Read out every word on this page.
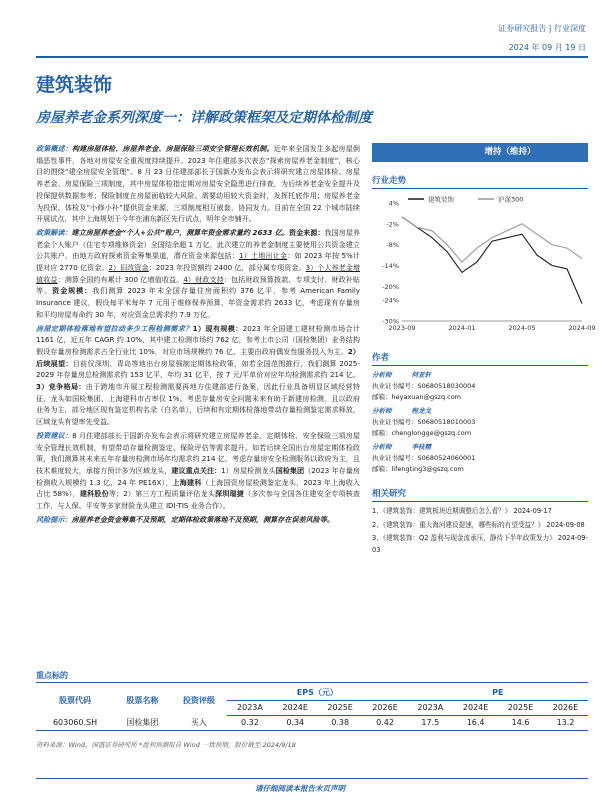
证券研究报告 | 行业深度
2024 年 09 月 19 日
建筑装饰
房屋养老金系列深度一：详解政策框架及定期体检制度

政策概述：构建房屋体检、房屋养老金、房屋保险三项安全管理长效机制。近年来全国发生多起房屋倒塌恶性事件，各地对房屋安全重视度持续提升。2023 年住建部多次表态“探索房屋养老金制度”，核心目的围绕“建全房屋安全管理”。8 月 23 日住建部部长于国新办发布会表示将研究建立房屋体检、房屋养老金、房屋保险三项制度，其中房屋体检指定期对房屋安全隐患进行排查，为后续养老金安全提升及投保提供数据参考；保险制度在房屋面临较大风险、需要动用较大资金时，发挥托底作用；房屋养老金为投保、体检及“小修小补”提供资金来源，三项制度相互嵌套，协同发力。目前在全国 22 个城市陆续开展试点，其中上海规划于今年在浦东新区先行试点，明年全市铺开。

政策解读：建立房屋养老金“个人+公共”账户，测算年资金需求量约 2633 亿。资金来源：我国房屋养老金个人账户（住宅专项维修资金）全国结余超 1 万亿，此次建立的养老金制度主要使用公共资金建立公共账户，由地方政府探索资金筹集渠道，潜在资金来源包括：1）土地出让金：如 2023 年按 5%计提对应 2770 亿资金。2）旧改资金：2023 年投资额约 2400 亿，部分属专项资金。3）个人养老金增值收益：测算全国约有累计 300 亿增值收益。4）财政支持：包括财政预算拨款、专项支付、财政补贴等。资金规模：我们测算 2023 年末全国存量住房面积约 376 亿平，参考 American Family Insurance 建议，假设每平米每年 7 元用于维修保养预算，年资金需求约 2633 亿，考虑现有存量房和平均房屋寿命约 30 年，对应资金总需求约 7.9 万亿。

房屋定期体检落地有望拉动多少工程检测需求？1）现有规模：2023 年全国建工建材检测市场合计 1161 亿，近五年 CAGR 约 10%，其中建工检测市场约 762 亿，参考上市公司（国检集团）业务结构假设存量房检测需求占全行业比 10%，对应市场规模约 76 亿，主要由政府偶发性服务投入为主。2）后续展望：目前仅深圳、青岛等地出台房屋强制定期体检政策，如若全国范围推行，我们测算 2025-2029 年存量房总检测需求约 153 亿平，年均 31 亿平，按 7 元/平单价对应年均检测需求约 214 亿。3）竞争格局：由于跨地市开展工程检测需要再地方住建部进行备案，因此行业具备明显区域经营特征，龙头如国检集团、上海建科市占率仅 1%。考虑存量房安全问题未来有助于新建房检测，且以政府业务为主，部分地区现有鉴定机构名录（白名单），后续和有定期体检落地带动存量检测鉴定需求释放，区域龙头有望率先受益。

投资建议：8 月住建部部长于国新办发布会表示将研究建立房屋养老金、定期体检、安全保险三项房屋安全管理长效机制，有望带动存量检测鉴定、保险评估等需求提升。如若后续全国出台房屋定期体检政策，我们测算其未来五年存量房检测市场年均需求约 214 亿，考虑存量房安全检测服务以政府为主，且技术难度较大，承接方预计多为区域龙头，建议重点关注：1）房屋检测龙头国检集团（2023 年存量房检测收入规模约 1.3 亿，24 年 PE16X），上海建科（上海国资房屋检测鉴定龙头，2023 年上海收入占比 58%），建科股份等；2）第三方工程质量评估龙头深圳瑞捷（多次参与全国各住建安全专项核查工作，与人保、平安等多家财险龙头建立 IDI-TIS 业务合作）。

风险提示：房屋养老金资金筹集不及预期，定期体检政策落地不及预期，测算存在误差风险等。

增持（维持）
行业走势
4%
-2%
-8%
-14%
-20%
-24%
-30%
2023-09	2024-01	2024-05	2024-09
建筑装饰	沪深300
作者
分析师	何亚轩
执业证书编号：S0680518030004
邮箱：heyaxuan@gszq.com
分析师	程龙戈
执业证书编号：S0680518010003
邮箱：chenglongge@gszq.com
分析师	李枝精
执业证书编号：S0680524060001
邮箱：lifengting3@gszq.com
相关研究
1、《建筑装饰：建筑板块近期调整后怎么看？》 2024-09-17
2、《建筑装饰：重大海河建设提速，哪些标的有望受益？》 2024-09-08
3、《建筑装饰：Q2 盈利与现金流承压，静待下半年政策发力》 2024-09-03
重点标的
股票代码	股票名称	投资评级	EPS（元）				PE			
			2023A	2024E	2025E	2026E	2023A	2024E	2025E	2026E
603060.SH	国检集团	买入	0.32	0.34	0.38	0.42	17.5	16.4	14.6	13.2
资料来源：Wind，国盛证券研究所 *盈利预测取自 Wind 一致预期，股价截至 2024/9/18
请仔细阅读本报告末页声明
